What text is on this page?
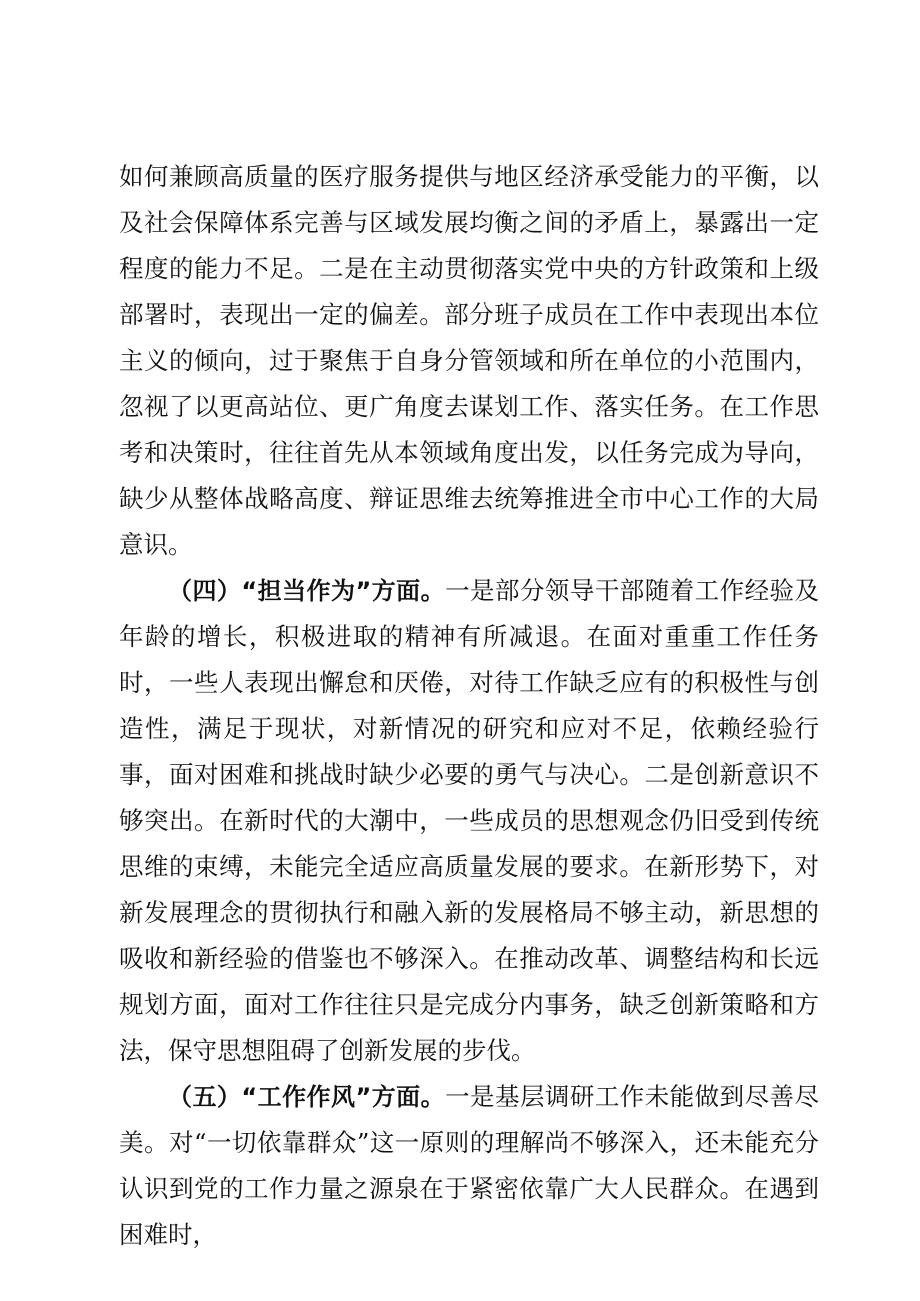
如何兼顾高质量的医疗服务提供与地区经济承受能力的平衡，以及社会保障体系完善与区域发展均衡之间的矛盾上，暴露出一定程度的能力不足。二是在主动贯彻落实党中央的方针政策和上级部署时，表现出一定的偏差。部分班子成员在工作中表现出本位主义的倾向，过于聚焦于自身分管领域和所在单位的小范围内，忽视了以更高站位、更广角度去谋划工作、落实任务。在工作思考和决策时，往往首先从本领域角度出发，以任务完成为导向，缺少从整体战略高度、辩证思维去统筹推进全市中心工作的大局意识。

（四）“担当作为”方面。一是部分领导干部随着工作经验及年龄的增长，积极进取的精神有所减退。在面对重重工作任务时，一些人表现出懈怠和厌倦，对待工作缺乏应有的积极性与创造性，满足于现状，对新情况的研究和应对不足，依赖经验行事，面对困难和挑战时缺少必要的勇气与决心。二是创新意识不够突出。在新时代的大潮中，一些成员的思想观念仍旧受到传统思维的束缚，未能完全适应高质量发展的要求。在新形势下，对新发展理念的贯彻执行和融入新的发展格局不够主动，新思想的吸收和新经验的借鉴也不够深入。在推动改革、调整结构和长远规划方面，面对工作往往只是完成分内事务，缺乏创新策略和方法，保守思想阻碍了创新发展的步伐。

（五）“工作作风”方面。一是基层调研工作未能做到尽善尽美。对“一切依靠群众”这一原则的理解尚不够深入，还未能充分认识到党的工作力量之源泉在于紧密依靠广大人民群众。在遇到困难时，
